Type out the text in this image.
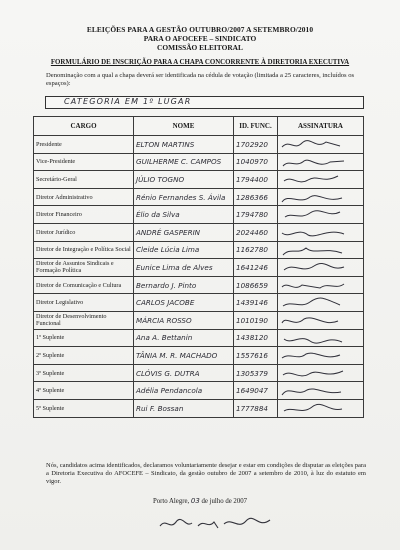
ELEIÇÕES PARA A GESTÃO OUTUBRO/2007 A SETEMBRO/2010
PARA O AFOCEFE – SINDICATO
COMISSÃO ELEITORAL
FORMULÁRIO DE INSCRIÇÃO PARA A CHAPA CONCORRENTE À DIRETORIA EXECUTIVA
Denominação com a qual a chapa deverá ser identificada na cédula de votação (limitada a 25 caracteres, incluídos os espaços):
CATEGORIA EM 1º LUGAR
CARGO	NOME	ID. FUNC.	ASSINATURA
Presidente	ELTON MARTINS	1702920	

Vice-Presidente	GUILHERME C. CAMPOS	1040970	

Secretário-Geral	JÚLIO TOGNO	1794400	

Diretor Administrativo	Rénio Fernandes S. Ávila	1286366	

Diretor Financeiro	Élio da Silva	1794780	

Diretor Jurídico	ANDRÉ GASPERIN	2024460	

Diretor de Integração e Política Social	Cleide Lúcia Lima	1162780	

Diretor de Assuntos Sindicais e Formação Política	Eunice Lima de Alves	1641246	

Diretor de Comunicação e Cultura	Bernardo J. Pinto	1086659	

Diretor Legislativo	CARLOS JACOBE	1439146	

Diretor de Desenvolvimento Funcional	MÁRCIA ROSSO	1010190	

1º Suplente	Ana A. Bettanin	1438120	

2º Suplente	TÂNIA M. R. MACHADO	1557616	

3º Suplente	CLÓVIS G. DUTRA	1305379	

4º Suplente	Adélia Pendancola	1649047	

5º Suplente	Rui F. Bossan	1777884	
Nós, candidatos acima identificados, declaramos voluntariamente desejar e estar em condições de disputar as eleições para a Diretoria Executiva do AFOCEFE – Sindicato, da gestão outubro de 2007 a setembro de 2010, à luz do estatuto em vigor.
Porto Alegre, 03 de julho de 2007
